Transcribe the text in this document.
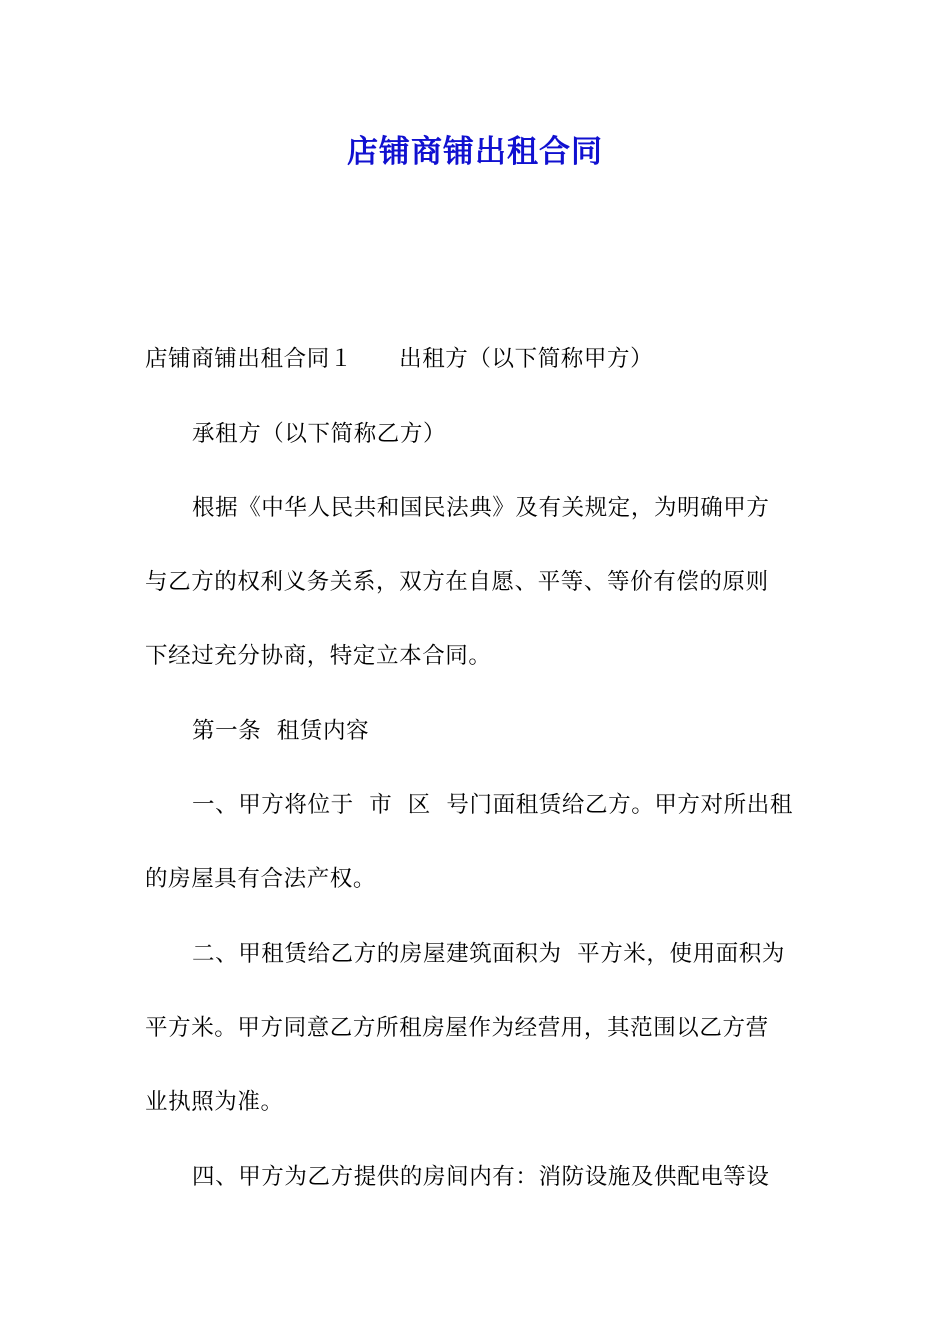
店铺商铺出租合同
店铺商铺出租合同１　　出租方（以下简称甲方）
承租方（以下简称乙方）
根据《中华人民共和国民法典》及有关规定，为明确甲方
与乙方的权利义务关系，双方在自愿、平等、等价有偿的原则
下经过充分协商，特定立本合同。
第一条  租赁内容
一、甲方将位于  市  区  号门面租赁给乙方。甲方对所出租
的房屋具有合法产权。
二、甲租赁给乙方的房屋建筑面积为  平方米，使用面积为
平方米。甲方同意乙方所租房屋作为经营用，其范围以乙方营
业执照为准。
四、甲方为乙方提供的房间内有：消防设施及供配电等设
